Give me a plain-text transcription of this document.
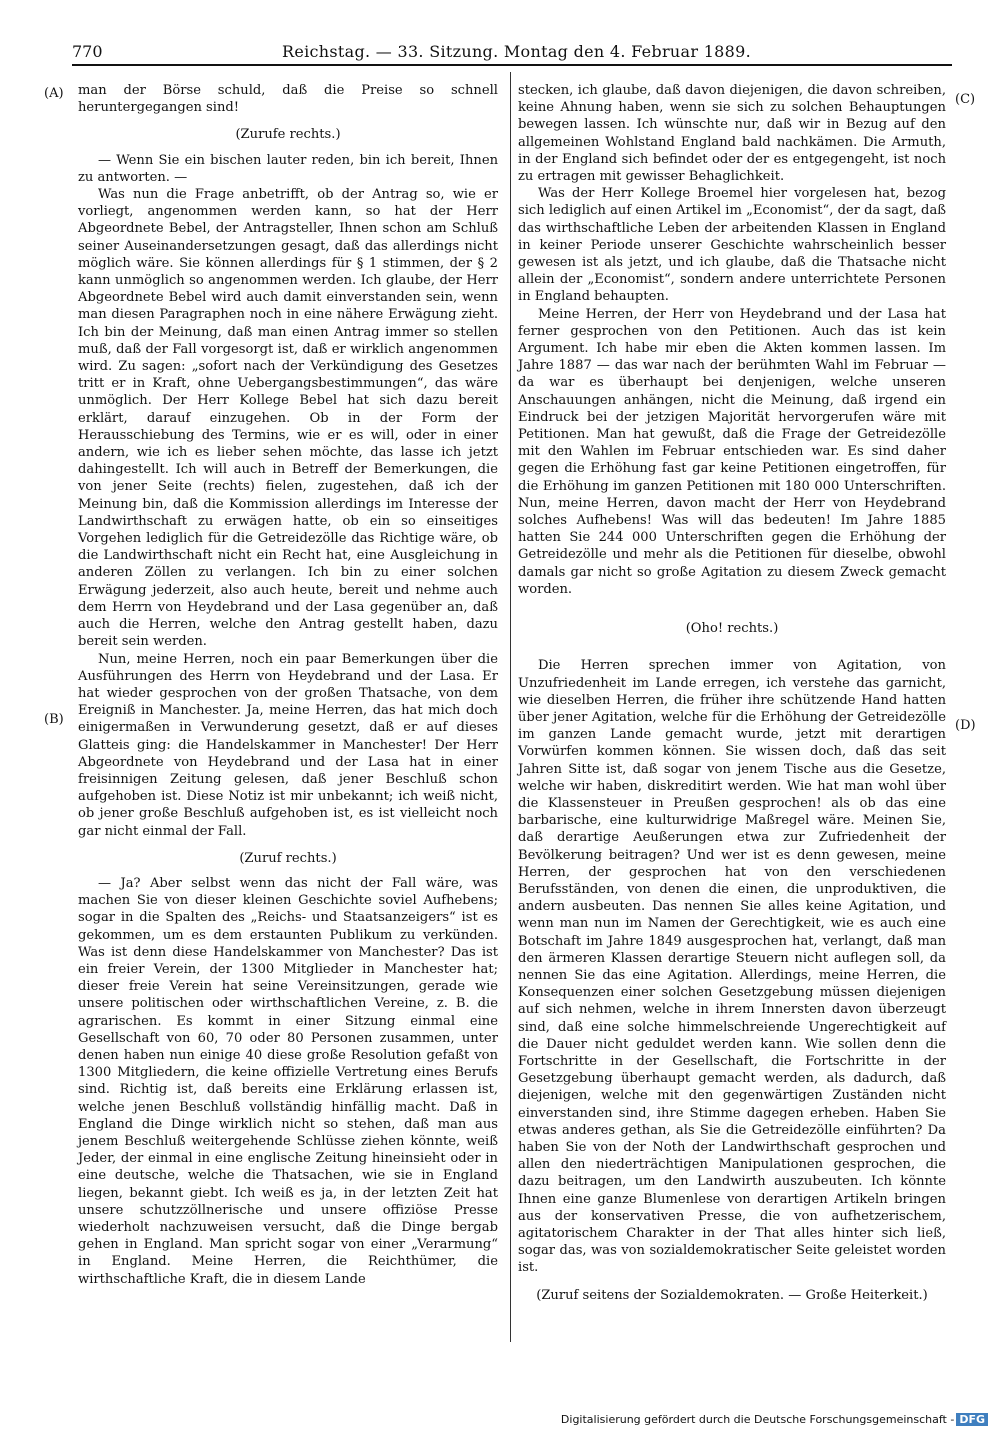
770	Reichstag. — 33. Sitzung. Montag den 4. Februar 1889.
(A)
(B)
(C)
(D)

man der Börse schuld, daß die Preise so schnell heruntergegangen sind!

(Zurufe rechts.)

— Wenn Sie ein bischen lauter reden, bin ich bereit, Ihnen zu antworten. —

Was nun die Frage anbetrifft, ob der Antrag so, wie er vorliegt, angenommen werden kann, so hat der Herr Abgeordnete Bebel, der Antragsteller, Ihnen schon am Schluß seiner Auseinandersetzungen gesagt, daß das allerdings nicht möglich wäre. Sie können allerdings für § 1 stimmen, der § 2 kann unmöglich so angenommen werden. Ich glaube, der Herr Abgeordnete Bebel wird auch damit einverstanden sein, wenn man diesen Paragraphen noch in eine nähere Erwägung zieht. Ich bin der Meinung, daß man einen Antrag immer so stellen muß, daß der Fall vorgesorgt ist, daß er wirklich angenommen wird. Zu sagen: „sofort nach der Verkündigung des Gesetzes tritt er in Kraft, ohne Uebergangsbestimmungen“, das wäre unmöglich. Der Herr Kollege Bebel hat sich dazu bereit erklärt, darauf einzugehen. Ob in der Form der Herausschiebung des Termins, wie er es will, oder in einer andern, wie ich es lieber sehen möchte, das lasse ich jetzt dahingestellt. Ich will auch in Betreff der Bemerkungen, die von jener Seite (rechts) fielen, zugestehen, daß ich der Meinung bin, daß die Kommission allerdings im Interesse der Landwirthschaft zu erwägen hatte, ob ein so einseitiges Vorgehen lediglich für die Getreidezölle das Richtige wäre, ob die Landwirthschaft nicht ein Recht hat, eine Ausgleichung in anderen Zöllen zu verlangen. Ich bin zu einer solchen Erwägung jederzeit, also auch heute, bereit und nehme auch dem Herrn von Heydebrand und der Lasa gegenüber an, daß auch die Herren, welche den Antrag gestellt haben, dazu bereit sein werden.

Nun, meine Herren, noch ein paar Bemerkungen über die Ausführungen des Herrn von Heydebrand und der Lasa. Er hat wieder gesprochen von der großen Thatsache, von dem Ereigniß in Manchester. Ja, meine Herren, das hat mich doch einigermaßen in Verwunderung gesetzt, daß er auf dieses Glatteis ging: die Handelskammer in Manchester! Der Herr Abgeordnete von Heydebrand und der Lasa hat in einer freisinnigen Zeitung gelesen, daß jener Beschluß schon aufgehoben ist. Diese Notiz ist mir unbekannt; ich weiß nicht, ob jener große Beschluß aufgehoben ist, es ist vielleicht noch gar nicht einmal der Fall.

(Zuruf rechts.)

— Ja? Aber selbst wenn das nicht der Fall wäre, was machen Sie von dieser kleinen Geschichte soviel Aufhebens; sogar in die Spalten des „Reichs- und Staatsanzeigers“ ist es gekommen, um es dem erstaunten Publikum zu verkünden. Was ist denn diese Handelskammer von Manchester? Das ist ein freier Verein, der 1300 Mitglieder in Manchester hat; dieser freie Verein hat seine Vereinsitzungen, gerade wie unsere politischen oder wirthschaftlichen Vereine, z. B. die agrarischen. Es kommt in einer Sitzung einmal eine Gesellschaft von 60, 70 oder 80 Personen zusammen, unter denen haben nun einige 40 diese große Resolution gefaßt von 1300 Mitgliedern, die keine offizielle Vertretung eines Berufs sind. Richtig ist, daß bereits eine Erklärung erlassen ist, welche jenen Beschluß vollständig hinfällig macht. Daß in England die Dinge wirklich nicht so stehen, daß man aus jenem Beschluß weitergehende Schlüsse ziehen könnte, weiß Jeder, der einmal in eine englische Zeitung hineinsieht oder in eine deutsche, welche die Thatsachen, wie sie in England liegen, bekannt giebt. Ich weiß es ja, in der letzten Zeit hat unsere schutzzöllnerische und unsere offiziöse Presse wiederholt nachzuweisen versucht, daß die Dinge bergab gehen in England. Man spricht sogar von einer „Verarmung“ in England. Meine Herren, die Reichthümer, die wirthschaftliche Kraft, die in diesem Lande

stecken, ich glaube, daß davon diejenigen, die davon schreiben, keine Ahnung haben, wenn sie sich zu solchen Behauptungen bewegen lassen. Ich wünschte nur, daß wir in Bezug auf den allgemeinen Wohlstand England bald nachkämen. Die Armuth, in der England sich befindet oder der es entgegengeht, ist noch zu ertragen mit gewisser Behaglichkeit.

Was der Herr Kollege Broemel hier vorgelesen hat, bezog sich lediglich auf einen Artikel im „Economist“, der da sagt, daß das wirthschaftliche Leben der arbeitenden Klassen in England in keiner Periode unserer Geschichte wahrscheinlich besser gewesen ist als jetzt, und ich glaube, daß die Thatsache nicht allein der „Economist“, sondern andere unterrichtete Personen in England behaupten.

Meine Herren, der Herr von Heydebrand und der Lasa hat ferner gesprochen von den Petitionen. Auch das ist kein Argument. Ich habe mir eben die Akten kommen lassen. Im Jahre 1887 — das war nach der berühmten Wahl im Februar — da war es überhaupt bei denjenigen, welche unseren Anschauungen anhängen, nicht die Meinung, daß irgend ein Eindruck bei der jetzigen Majorität hervorgerufen wäre mit Petitionen. Man hat gewußt, daß die Frage der Getreidezölle mit den Wahlen im Februar entschieden war. Es sind daher gegen die Erhöhung fast gar keine Petitionen eingetroffen, für die Erhöhung im ganzen Petitionen mit 180 000 Unterschriften. Nun, meine Herren, davon macht der Herr von Heydebrand solches Aufhebens! Was will das bedeuten! Im Jahre 1885 hatten Sie 244 000 Unterschriften gegen die Erhöhung der Getreidezölle und mehr als die Petitionen für dieselbe, obwohl damals gar nicht so große Agitation zu diesem Zweck gemacht worden.

(Oho! rechts.)

Die Herren sprechen immer von Agitation, von Unzufriedenheit im Lande erregen, ich verstehe das garnicht, wie dieselben Herren, die früher ihre schützende Hand hatten über jener Agitation, welche für die Erhöhung der Getreidezölle im ganzen Lande gemacht wurde, jetzt mit derartigen Vorwürfen kommen können. Sie wissen doch, daß das seit Jahren Sitte ist, daß sogar von jenem Tische aus die Gesetze, welche wir haben, diskreditirt werden. Wie hat man wohl über die Klassensteuer in Preußen gesprochen! als ob das eine barbarische, eine kulturwidrige Maßregel wäre. Meinen Sie, daß derartige Aeußerungen etwa zur Zufriedenheit der Bevölkerung beitragen? Und wer ist es denn gewesen, meine Herren, der gesprochen hat von den verschiedenen Berufsständen, von denen die einen, die unproduktiven, die andern ausbeuten. Das nennen Sie alles keine Agitation, und wenn man nun im Namen der Gerechtigkeit, wie es auch eine Botschaft im Jahre 1849 ausgesprochen hat, verlangt, daß man den ärmeren Klassen derartige Steuern nicht auflegen soll, da nennen Sie das eine Agitation. Allerdings, meine Herren, die Konsequenzen einer solchen Gesetzgebung müssen diejenigen auf sich nehmen, welche in ihrem Innersten davon überzeugt sind, daß eine solche himmelschreiende Ungerechtigkeit auf die Dauer nicht geduldet werden kann. Wie sollen denn die Fortschritte in der Gesellschaft, die Fortschritte in der Gesetzgebung überhaupt gemacht werden, als dadurch, daß diejenigen, welche mit den gegenwärtigen Zuständen nicht einverstanden sind, ihre Stimme dagegen erheben. Haben Sie etwas anderes gethan, als Sie die Getreidezölle einführten? Da haben Sie von der Noth der Landwirthschaft gesprochen und allen den niederträchtigen Manipulationen gesprochen, die dazu beitragen, um den Landwirth auszubeuten. Ich könnte Ihnen eine ganze Blumenlese von derartigen Artikeln bringen aus der konservativen Presse, die von aufhetzerischem, agitatorischem Charakter in der That alles hinter sich ließ, sogar das, was von sozialdemokratischer Seite geleistet worden ist.

(Zuruf seitens der Sozialdemokraten. — Große Heiterkeit.)

Digitalisierung gefördert durch die Deutsche Forschungsgemeinschaft - DFG
